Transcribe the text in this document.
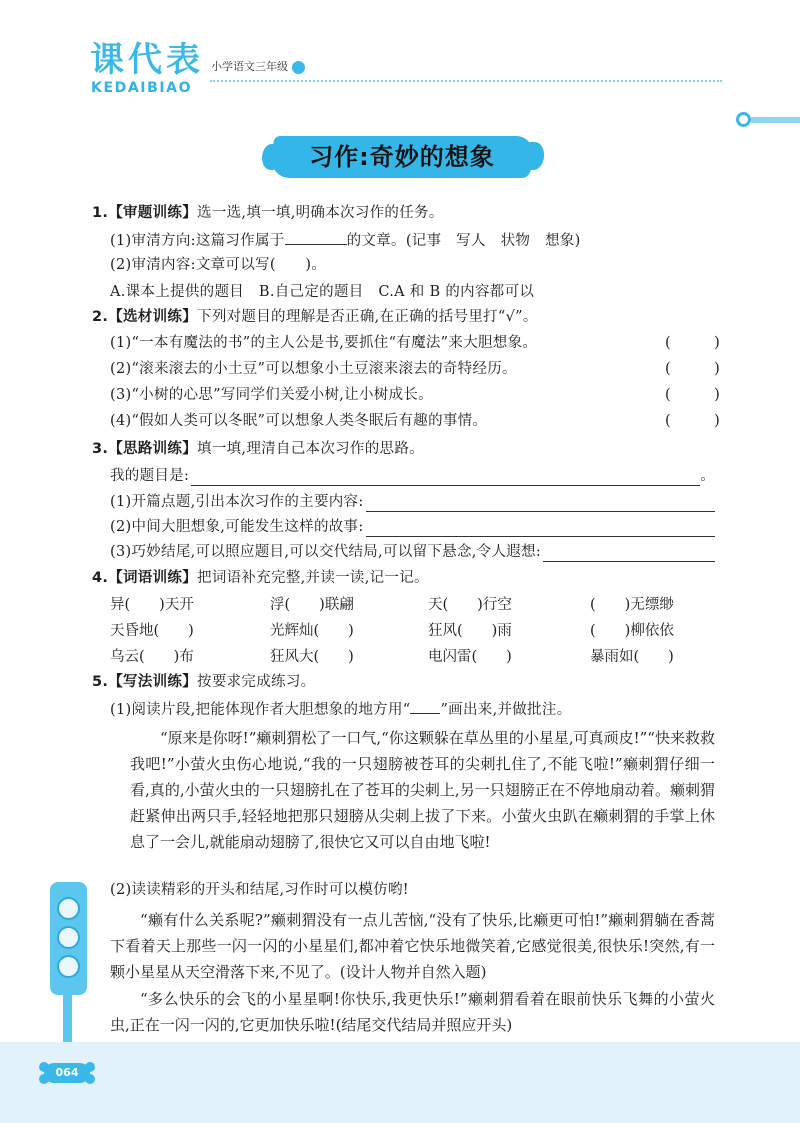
课代表
KEDAIBIAO
小学语文三年级
习作:奇妙的想象
1.【审题训练】选一选,填一填,明确本次习作的任务。
(1)审清方向:这篇习作属于	的文章。(记事　写人　状物　想象)
(2)审清内容:文章可以写(　　)。
A.课本上提供的题目　B.自己定的题目　C.A 和 B 的内容都可以
2.【选材训练】下列对题目的理解是否正确,在正确的括号里打“√”。
(1)“一本有魔法的书”的主人公是书,要抓住“有魔法”来大胆想象。	(　　　)
(2)“滚来滚去的小土豆”可以想象小土豆滚来滚去的奇特经历。	(　　　)
(3)“小树的心思”写同学们关爱小树,让小树成长。	(　　　)
(4)“假如人类可以冬眠”可以想象人类冬眠后有趣的事情。	(　　　)
3.【思路训练】填一填,理清自己本次习作的思路。
我的题目是:	。
(1)开篇点题,引出本次习作的主要内容:
(2)中间大胆想象,可能发生这样的故事:
(3)巧妙结尾,可以照应题目,可以交代结局,可以留下悬念,令人遐想:
4.【词语训练】把词语补充完整,并读一读,记一记。
异(　　)天开	浮(　　)联翩	天(　　)行空	(　　)无缥缈
天昏地(　　)	光辉灿(　　)	狂风(　　)雨	(　　)柳依依
乌云(　　)布	狂风大(　　)	电闪雷(　　)	暴雨如(　　)
5.【写法训练】按要求完成练习。
(1)阅读片段,把能体现作者大胆想象的地方用“ ”画出来,并做批注。
“原来是你呀!”癞刺猬松了一口气,“你这颗躲在草丛里的小星星,可真顽皮!”“快来救救我吧!”小萤火虫伤心地说,“我的一只翅膀被苍耳的尖刺扎住了,不能飞啦!”癞刺猬仔细一看,真的,小萤火虫的一只翅膀扎在了苍耳的尖刺上,另一只翅膀正在不停地扇动着。癞刺猬赶紧伸出两只手,轻轻地把那只翅膀从尖刺上拔了下来。小萤火虫趴在癞刺猬的手掌上休息了一会儿,就能扇动翅膀了,很快它又可以自由地飞啦!
(2)读读精彩的开头和结尾,习作时可以模仿哟!
“癞有什么关系呢?”癞刺猬没有一点儿苦恼,“没有了快乐,比癞更可怕!”癞刺猬躺在香蒿下看着天上那些一闪一闪的小星星们,都冲着它快乐地微笑着,它感觉很美,很快乐!突然,有一颗小星星从天空滑落下来,不见了。(设计人物并自然入题)
“多么快乐的会飞的小星星啊!你快乐,我更快乐!”癞刺猬看着在眼前快乐飞舞的小萤火虫,正在一闪一闪的,它更加快乐啦!(结尾交代结局并照应开头)
064
